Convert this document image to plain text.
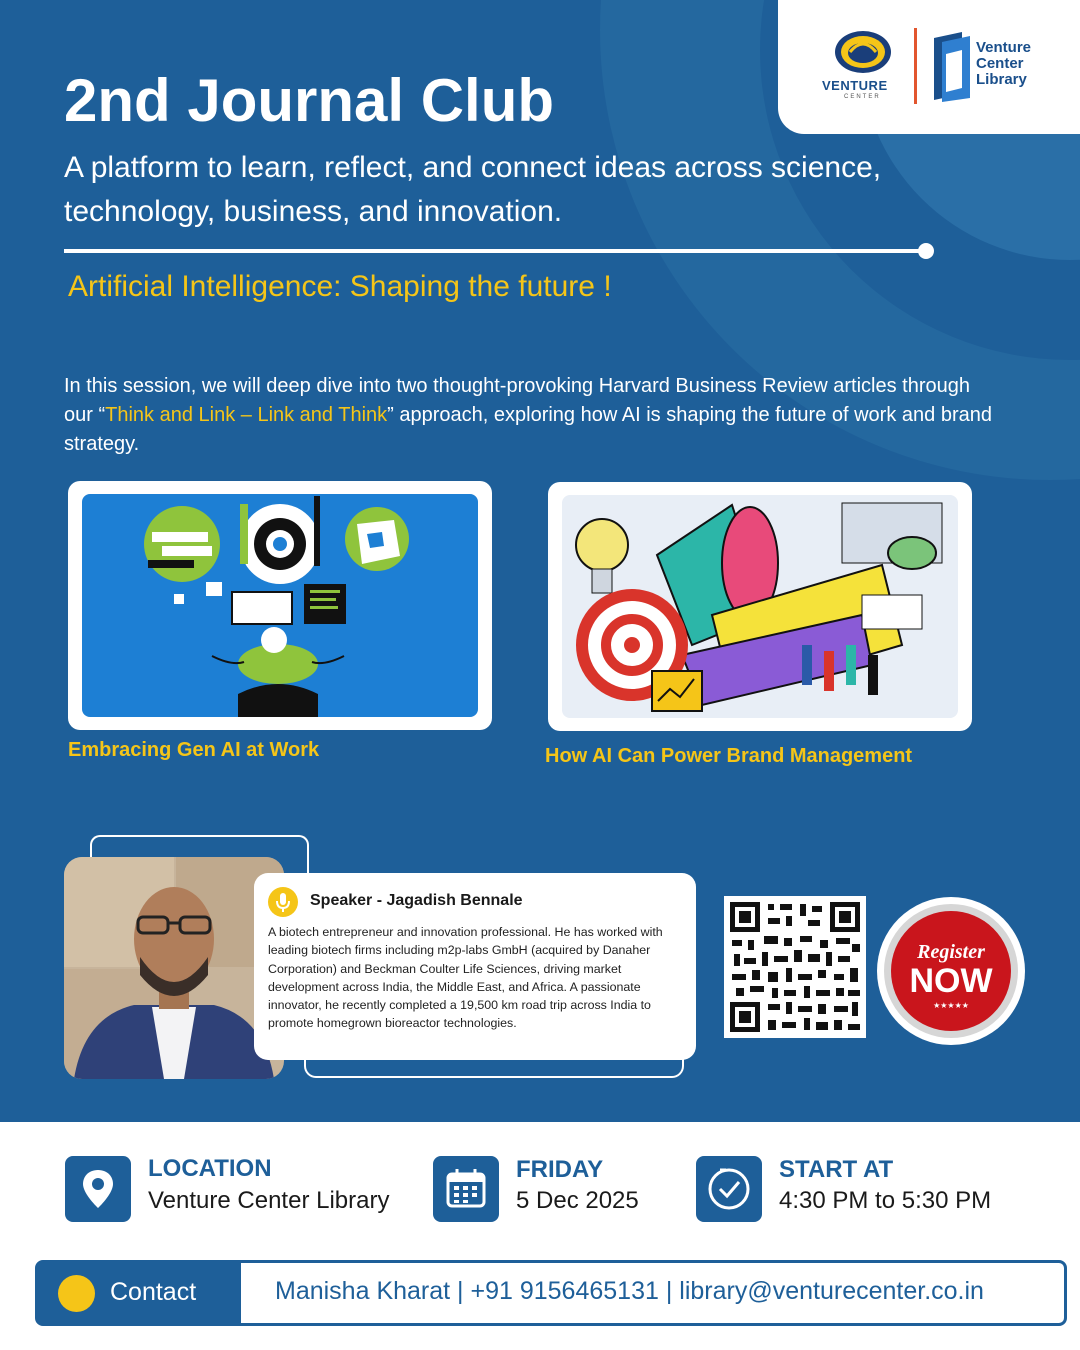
VENTURE
CENTER
Venture Center Library
2nd Journal Club
A platform to learn, reflect, and connect ideas across science, technology, business, and innovation.
Artificial Intelligence: Shaping the future !
In this session, we will deep dive into two thought-provoking Harvard Business Review articles through our “Think and Link – Link and Think” approach, exploring how AI is shaping the future of work and brand strategy.
Embracing Gen AI at Work	How AI Can Power Brand Management
Speaker - Jagadish Bennale
A biotech entrepreneur and innovation professional. He has worked with leading biotech firms including m2p-labs GmbH (acquired by Danaher Corporation) and Beckman Coulter Life Sciences, driving market development across India, the Middle East, and Africa. A passionate innovator, he recently completed a 19,500 km road trip across India to promote homegrown bioreactor technologies.
Register
NOW
★★★★★
LOCATION
Venture Center Library
FRIDAY
5 Dec 2025
START AT
4:30 PM to 5:30 PM
Contact	Manisha Kharat | +91 9156465131 | library@venturecenter.co.in
